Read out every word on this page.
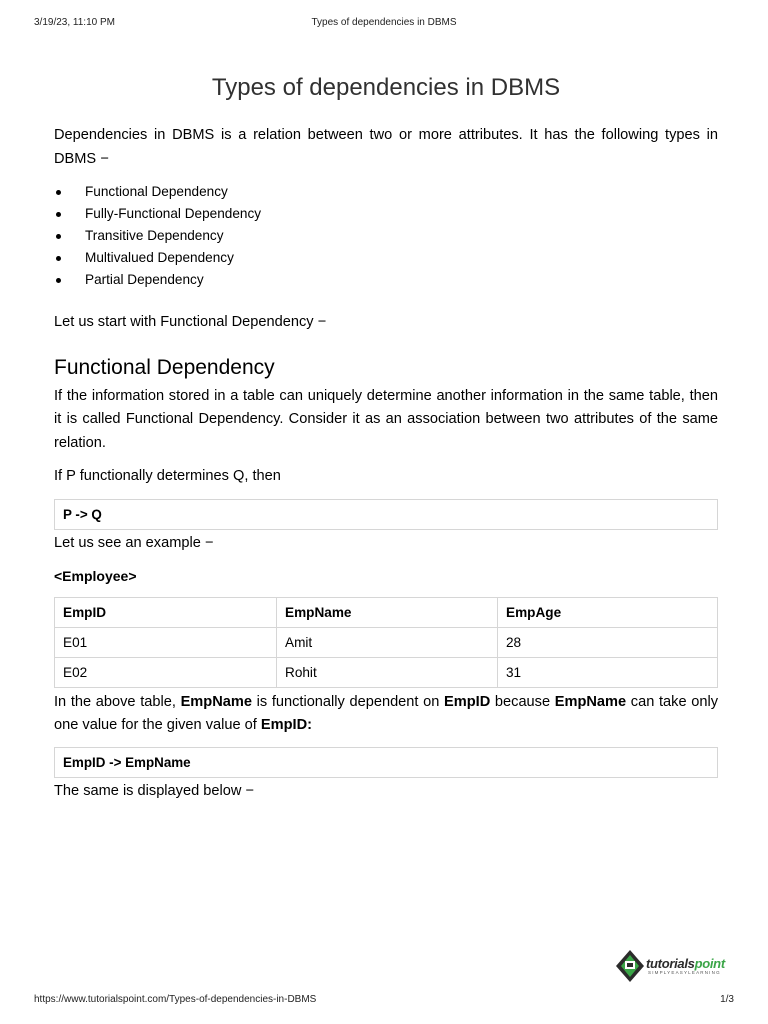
3/19/23, 11:10 PM	Types of dependencies in DBMS
Types of dependencies in DBMS

Dependencies in DBMS is a relation between two or more attributes. It has the following types in DBMS −

Functional Dependency
Fully-Functional Dependency
Transitive Dependency
Multivalued Dependency
Partial Dependency

Let us start with Functional Dependency −

Functional Dependency

If the information stored in a table can uniquely determine another information in the same table, then it is called Functional Dependency. Consider it as an association between two attributes of the same relation.

If P functionally determines Q, then

P -> Q

Let us see an example −

<Employee>

EmpID	EmpName	EmpAge
E01	Amit	28
E02	Rohit	31

In the above table, EmpName is functionally dependent on EmpID because EmpName can take only one value for the given value of EmpID:

EmpID -> EmpName

The same is displayed below −

tutorialspoint
SIMPLYEASYLEARNING
https://www.tutorialspoint.com/Types-of-dependencies-in-DBMS	1/3
